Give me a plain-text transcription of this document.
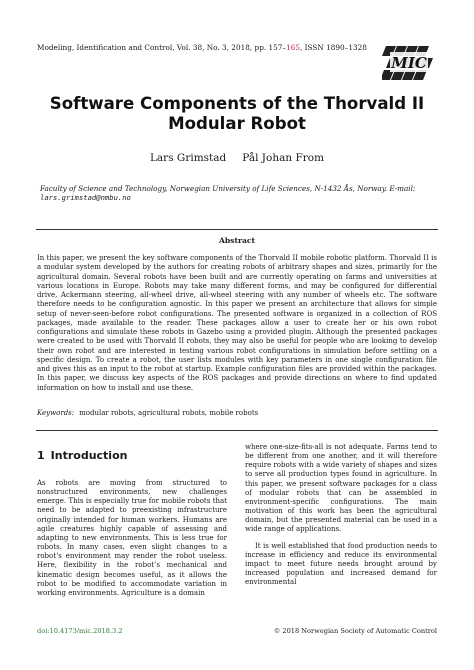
Modeling, Identification and Control, Vol. 38, No. 3, 2018, pp. 157–165, ISSN 1890–1328
MIC
Software Components of the Thorvald II
Modular Robot
Lars Grimstad Pål Johan From
Faculty of Science and Technology, Norwegian University of Life Sciences, N-1432 Ås, Norway. E-mail:
lars.grimstad@nmbu.no
Abstract
In this paper, we present the key software components of the Thorvald II mobile robotic platform. Thorvald II is a modular system developed by the authors for creating robots of arbitrary shapes and sizes, primarily for the agricultural domain. Several robots have been built and are currently operating on farms and universities at various locations in Europe. Robots may take many different forms, and may be configured for differential drive, Ackermann steering, all-wheel drive, all-wheel steering with any number of wheels etc. The software therefore needs to be configuration agnostic. In this paper we present an architecture that allows for simple setup of never-seen-before robot configurations. The presented software is organized in a collection of ROS packages, made available to the reader. These packages allow a user to create her or his own robot configurations and simulate these robots in Gazebo using a provided plugin. Although the presented packages were created to be used with Thorvald II robots, they may also be useful for people who are looking to develop their own robot and are interested in testing various robot configurations in simulation before settling on a specific design. To create a robot, the user lists modules with key parameters in one single configuration file and gives this as an input to the robot at startup. Example configuration files are provided within the packages. In this paper, we discuss key aspects of the ROS packages and provide directions on where to find updated information on how to install and use these.
Keywords: modular robots, agricultural robots, mobile robots
1 Introduction
As robots are moving from structured to nonstructured environments, new challenges emerge. This is especially true for mobile robots that need to be adapted to preexisting infrastructure originally intended for human workers. Humans are agile creatures highly capable of assessing and adapting to new environments. This is less true for robots. In many cases, even slight changes to a robot’s environment may render the robot useless. Here, flexibility in the robot’s mechanical and kinematic design becomes useful, as it allows the robot to be modified to accommodate variation in working environments. Agriculture is a domain

where one-size-fits-all is not adequate. Farms tend to be different from one another, and it will therefore require robots with a wide variety of shapes and sizes to serve all production types found in agriculture. In this paper, we present software packages for a class of modular robots that can be assembled in environment-specific configurations. The main motivation of this work has been the agricultural domain, but the presented material can be used in a wide range of applications.

It is well established that food production needs to increase in efficiency and reduce its environmental impact to meet future needs brought around by increased population and increased demand for environmental

doi:10.4173/mic.2018.3.2	© 2018 Norwegian Society of Automatic Control
